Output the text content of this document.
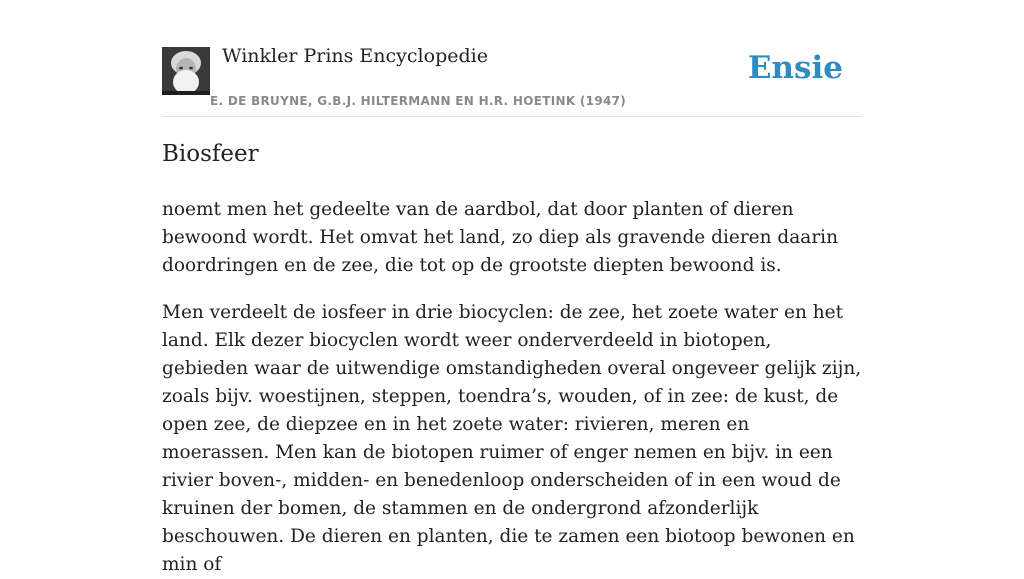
Winkler Prins Encyclopedie
E. DE BRUYNE, G.B.J. HILTERMANN EN H.R. HOETINK (1947)
Ensie
Biosfeer

noemt men het gedeelte van de aardbol, dat door planten of dieren bewoond wordt. Het omvat het land, zo diep als gravende dieren daarin doordringen en de zee, die tot op de grootste diepten bewoond is.

Men verdeelt de iosfeer in drie biocyclen: de zee, het zoete water en het land. Elk dezer biocyclen wordt weer onderverdeeld in biotopen, gebieden waar de uitwendige omstandigheden overal ongeveer gelijk zijn, zoals bijv. woestijnen, steppen, toendra’s, wouden, of in zee: de kust, de open zee, de diepzee en in het zoete water: rivieren, meren en moerassen. Men kan de biotopen ruimer of enger nemen en bijv. in een rivier boven-, midden- en benedenloop onderscheiden of in een woud de kruinen der bomen, de stammen en de ondergrond afzonderlijk beschouwen. De dieren en planten, die te zamen een biotoop bewonen en min of
